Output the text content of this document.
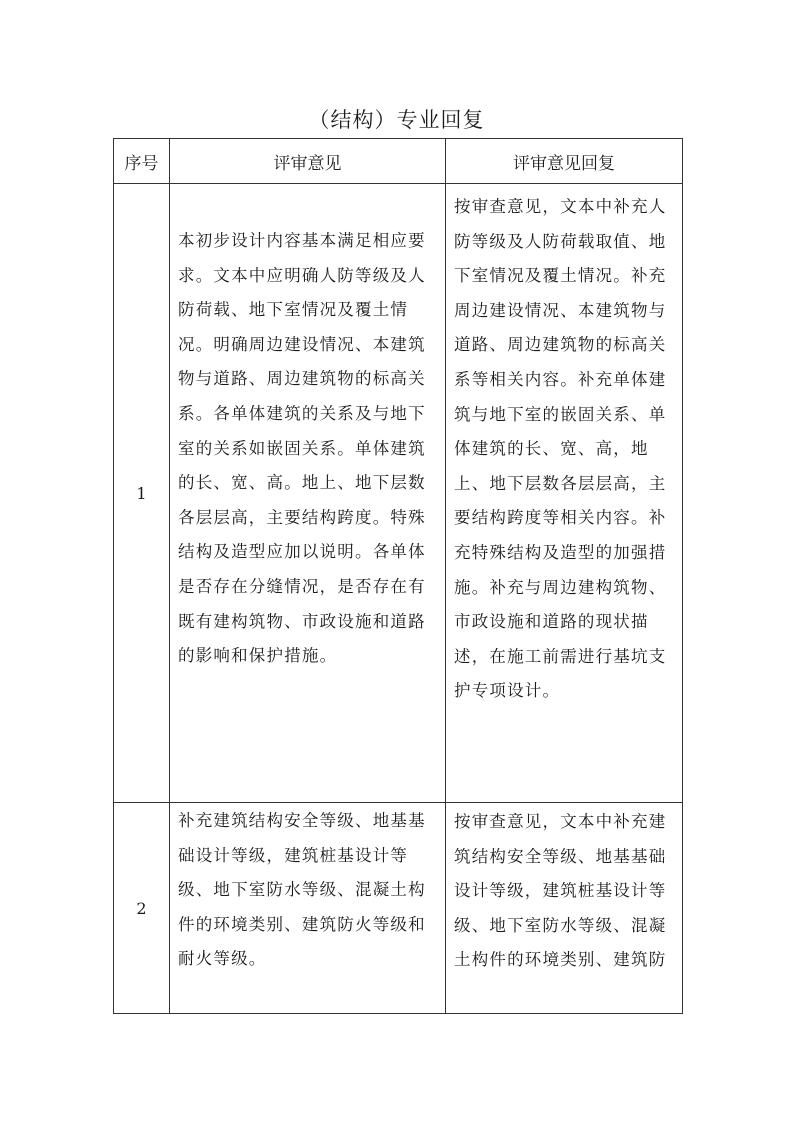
（结构）专业回复
序号	评审意见	评审意见回复
1	本初步设计内容基本满足相应要求。文本中应明确人防等级及人防荷载、地下室情况及覆土情况。明确周边建设情况、本建筑物与道路、周边建筑物的标高关系。各单体建筑的关系及与地下室的关系如嵌固关系。单体建筑的长、宽、高。地上、地下层数各层层高，主要结构跨度。特殊结构及造型应加以说明。各单体是否存在分缝情况，是否存在有既有建构筑物、市政设施和道路的影响和保护措施。	按审查意见，文本中补充人防等级及人防荷载取值、地下室情况及覆土情况。补充周边建设情况、本建筑物与道路、周边建筑物的标高关系等相关内容。补充单体建筑与地下室的嵌固关系、单体建筑的长、宽、高，地上、地下层数各层层高，主要结构跨度等相关内容。补充特殊结构及造型的加强措施。补充与周边建构筑物、市政设施和道路的现状描述，在施工前需进行基坑支护专项设计。

2	补充建筑结构安全等级、地基基础设计等级，建筑桩基设计等级、地下室防水等级、混凝土构件的环境类别、建筑防火等级和耐火等级。	按审查意见，文本中补充建筑结构安全等级、地基基础设计等级，建筑桩基设计等级、地下室防水等级、混凝土构件的环境类别、建筑防
